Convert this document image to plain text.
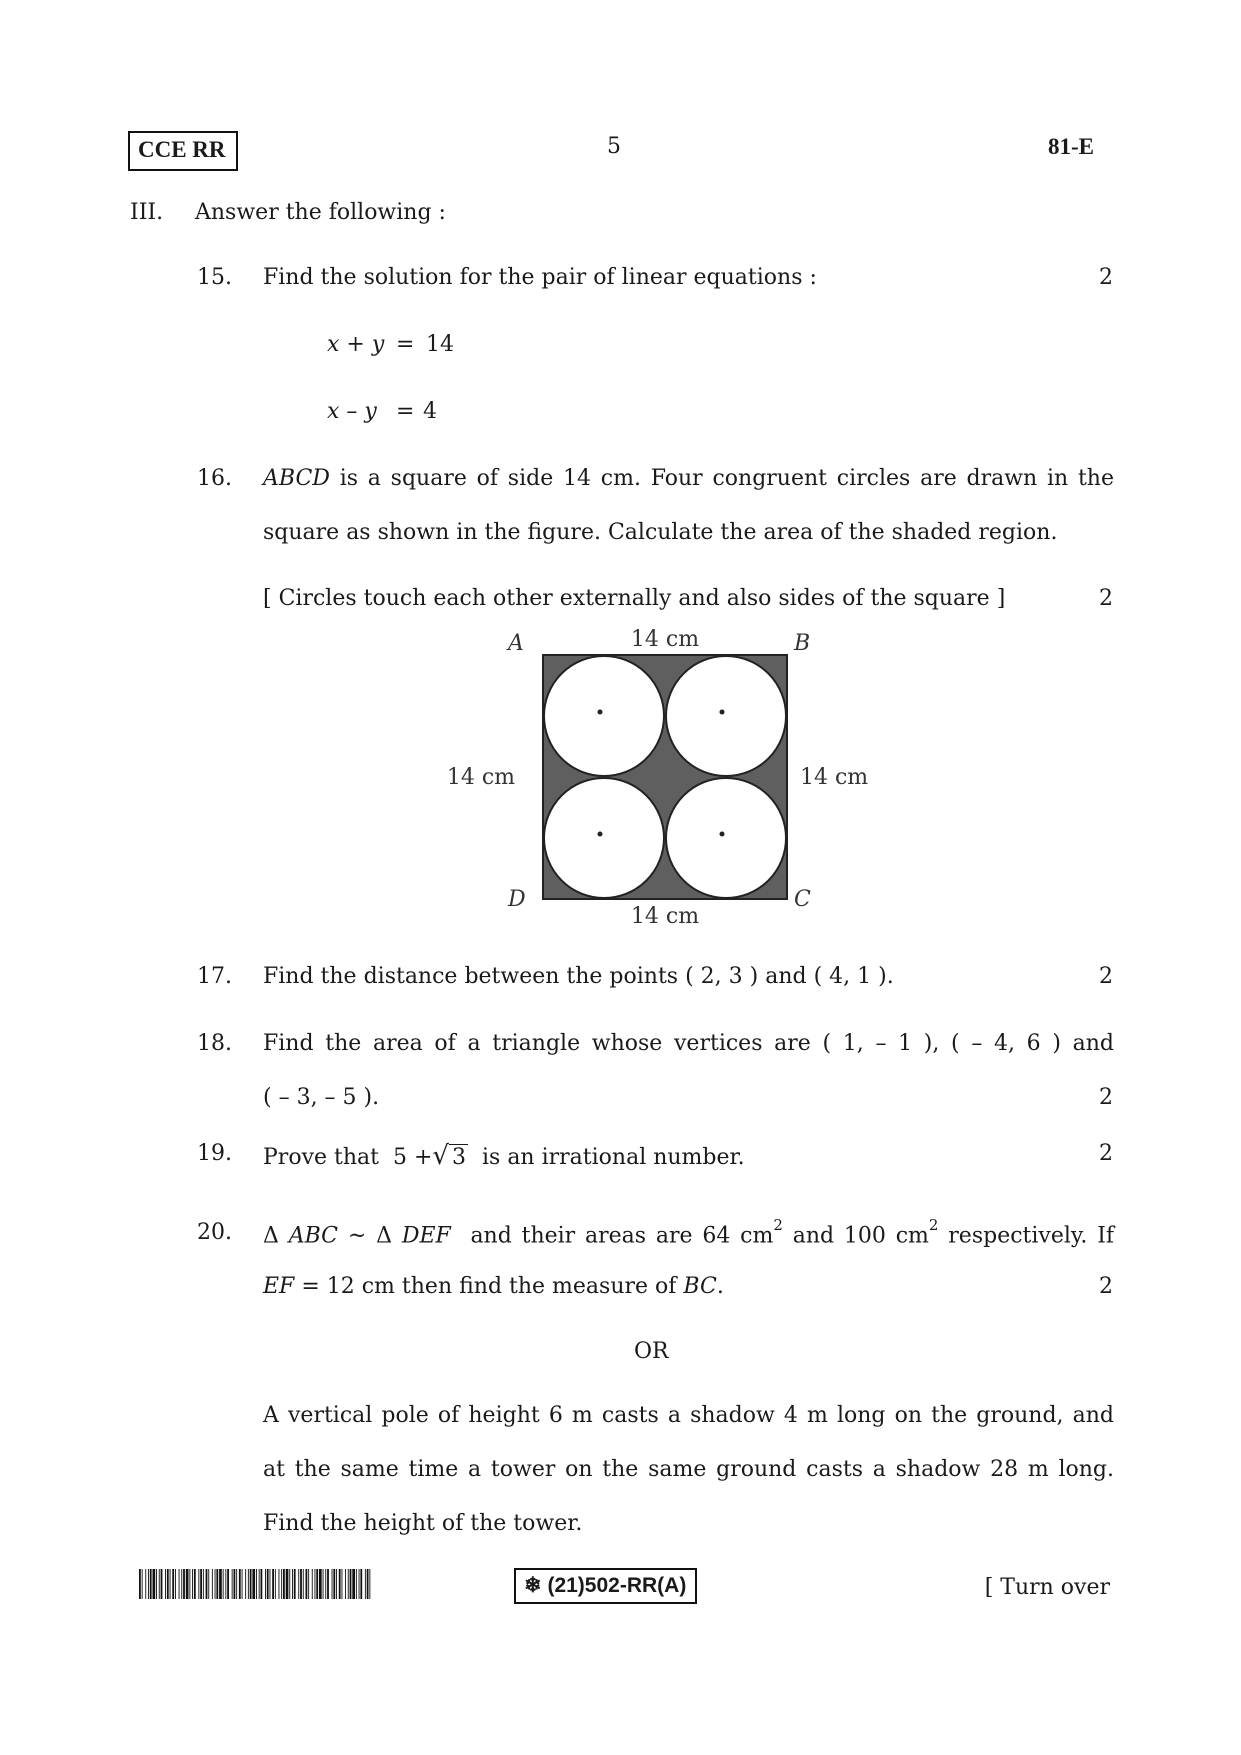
CCE RR	5	81-E
III. Answer the following :
15. Find the solution for the pair of linear equations :	2
x + y = 14
x – y = 4
16. ABCD is a square of side 14 cm. Four congruent circles are drawn in the
square as shown in the figure. Calculate the area of the shaded region.
[ Circles touch each other externally and also sides of the square ]	2
A	B
C
D
14 cm
14 cm
14 cm	14 cm
17. Find the distance between the points ( 2, 3 ) and ( 4, 1 ).	2
18. Find the area of a triangle whose vertices are ( 1, – 1 ), ( – 4, 6 ) and
( – 3, – 5 ).	2
19. Prove that 5 +√ 3 is an irrational number.	2
20. Δ ABC ~ Δ DEF and their areas are 64 $cm^2$ and 100 $cm^2$ respectively. If
EF = 12 cm then find the measure of BC.	2
OR
A vertical pole of height 6 m casts a shadow 4 m long on the ground, and
at the same time a tower on the same ground casts a shadow 28 m long.
Find the height of the tower.
❄ (21)502-RR(A)	[ Turn over
